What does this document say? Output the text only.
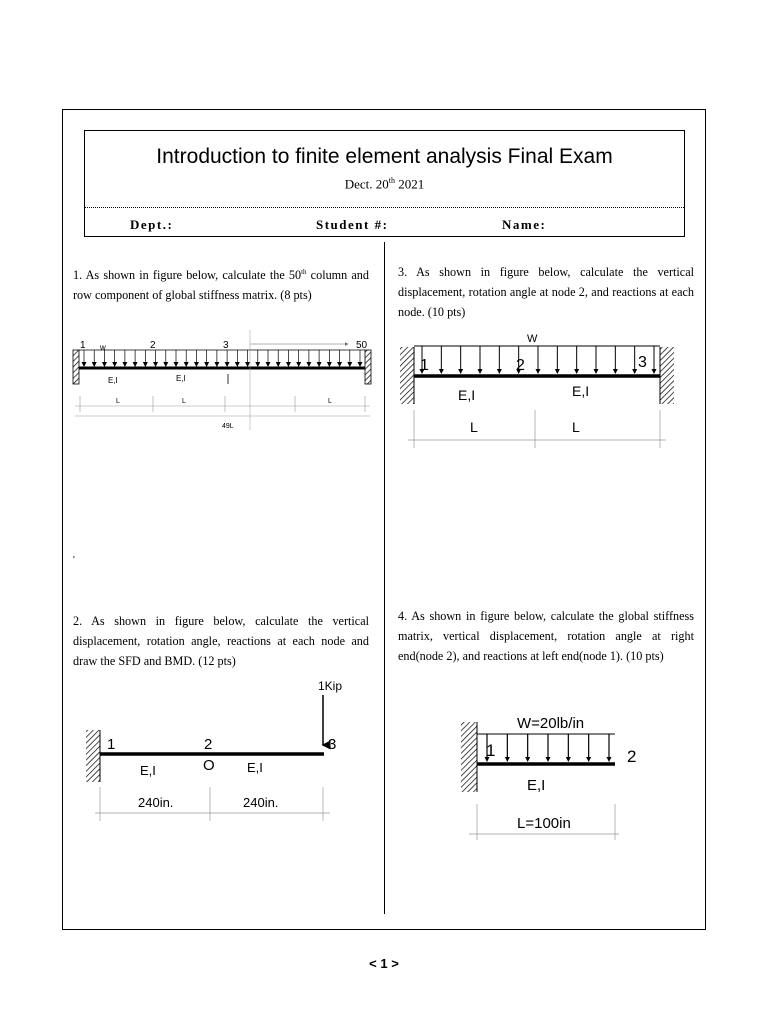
Introduction to finite element analysis Final Exam
Dect. 20th 2021
Dept.:	Student #:	Name:
1. As shown in figure below, calculate the 50th column and row component of global stiffness matrix. (8 pts)
1 w	2	3	50
E,I	E,I
L	L	L
49L
'
2. As shown in figure below, calculate the vertical displacement, rotation angle, reactions at each node and draw the SFD and BMD. (12 pts)
1Kip
1	2	3
O
E,I	E,I
240in.	240in.
3. As shown in figure below, calculate the vertical displacement, rotation angle at node 2, and reactions at each node. (10 pts)
W
1	2	3
E,I	E,I
L	L
4. As shown in figure below, calculate the global stiffness matrix, vertical displacement, rotation angle at right end(node 2), and reactions at left end(node 1). (10 pts)
W=20lb/in
1	2
E,I
L=100in
< 1 >
